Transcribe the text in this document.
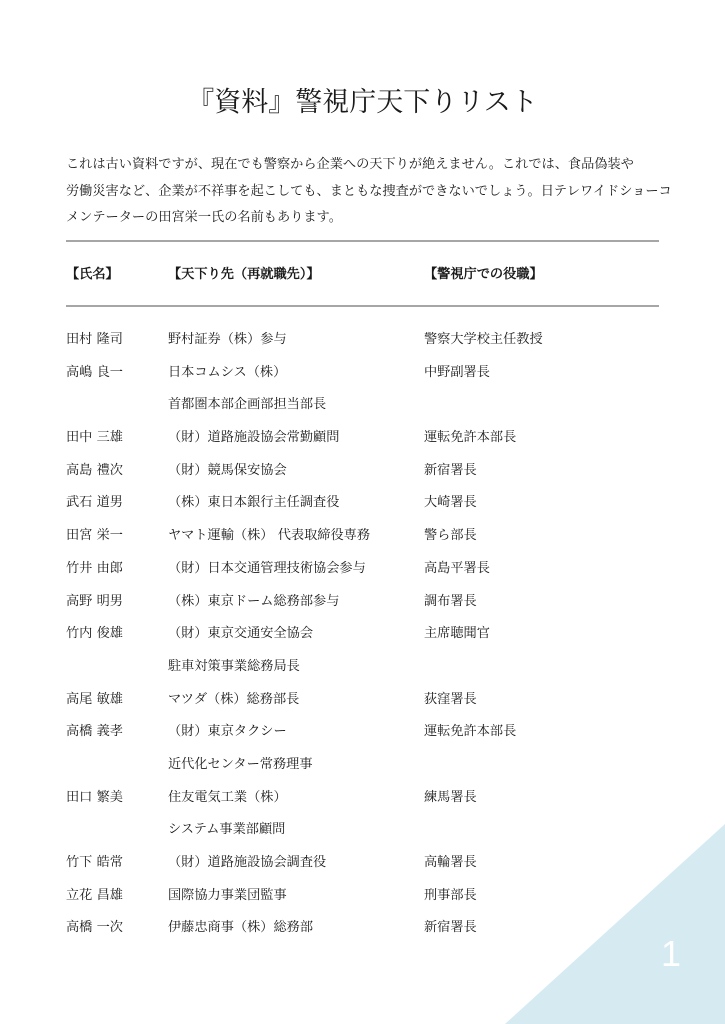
『資料』警視庁天下りリスト
これは古い資料ですが、現在でも警察から企業への天下りが絶えません。これでは、食品偽装や
労働災害など、企業が不祥事を起こしても、まともな捜査ができないでしょう。日テレワイドショーコ
メンテーターの田宮栄一氏の名前もあります。
【氏名】	【天下り先（再就職先）】	【警視庁での役職】
田村 隆司	野村証券（株）参与	警察大学校主任教授
高嶋 良一	日本コムシス（株）	中野副署長
首都圏本部企画部担当部長
田中 三雄	（財）道路施設協会常勤顧問	運転免許本部長
高島 禮次	（財）競馬保安協会	新宿署長
武石 道男	（株）東日本銀行主任調査役	大崎署長
田宮 栄一	ヤマト運輸（株） 代表取締役専務	警ら部長
竹井 由郎	（財）日本交通管理技術協会参与	高島平署長
高野 明男	（株）東京ドーム総務部参与	調布署長
竹内 俊雄	（財）東京交通安全協会	主席聴聞官
駐車対策事業総務局長
高尾 敏雄	マツダ（株）総務部長	荻窪署長
高橋 義孝	（財）東京タクシー	運転免許本部長
近代化センター常務理事
田口 繁美	住友電気工業（株）	練馬署長
システム事業部顧問
竹下 皓常	（財）道路施設協会調査役	高輪署長
立花 昌雄	国際協力事業団監事	刑事部長
高橋 一次	伊藤忠商事（株）総務部	新宿署長
1
